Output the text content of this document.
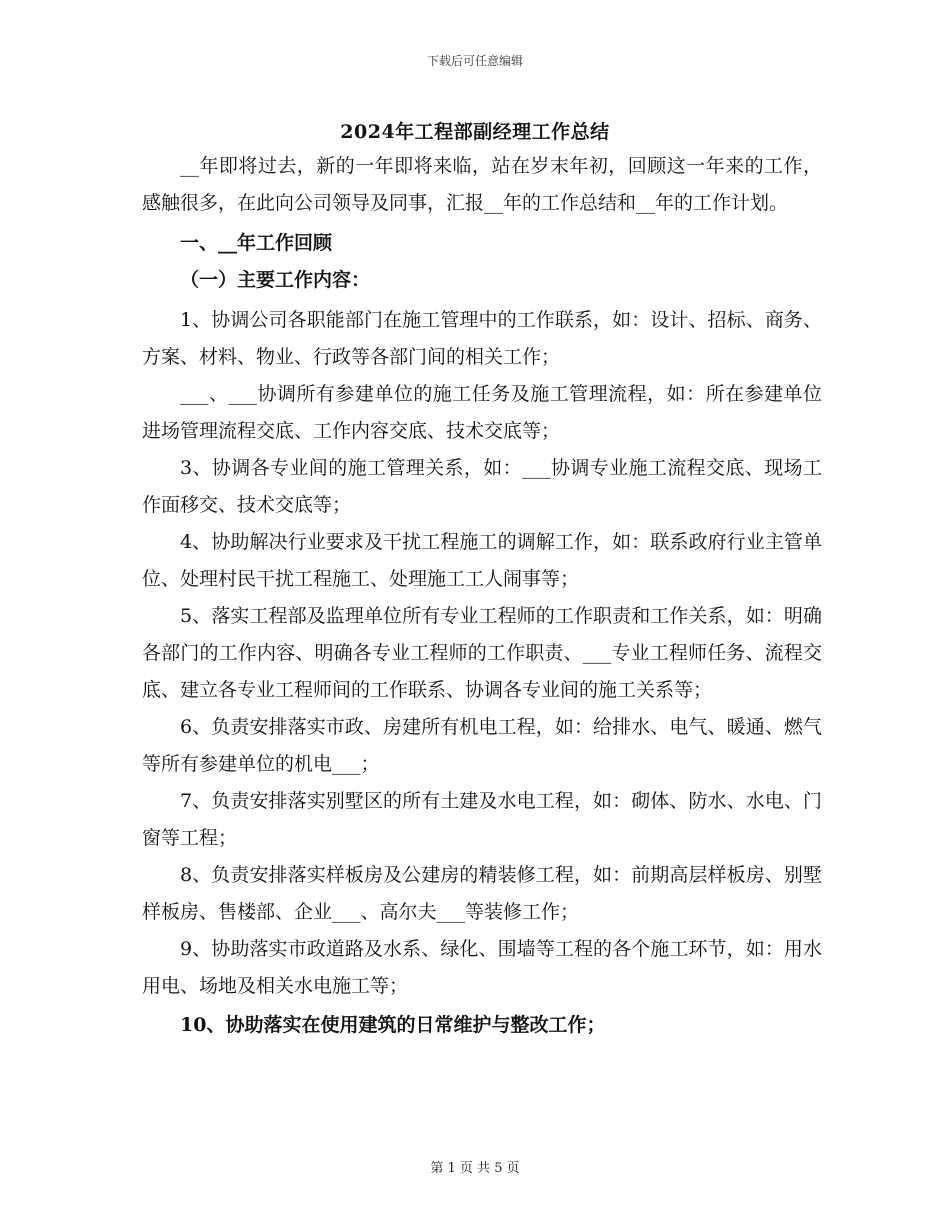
下载后可任意编辑
2024年工程部副经理工作总结

__年即将过去，新的一年即将来临，站在岁末年初，回顾这一年来的工作，感触很多，在此向公司领导及同事，汇报__年的工作总结和__年的工作计划。

一、__年工作回顾

（一）主要工作内容：

1、协调公司各职能部门在施工管理中的工作联系，如：设计、招标、商务、方案、材料、物业、行政等各部门间的相关工作；

___、___协调所有参建单位的施工任务及施工管理流程，如：所在参建单位进场管理流程交底、工作内容交底、技术交底等；

3、协调各专业间的施工管理关系，如：___协调专业施工流程交底、现场工作面移交、技术交底等；

4、协助解决行业要求及干扰工程施工的调解工作，如：联系政府行业主管单位、处理村民干扰工程施工、处理施工工人闹事等；

5、落实工程部及监理单位所有专业工程师的工作职责和工作关系，如：明确各部门的工作内容、明确各专业工程师的工作职责、___专业工程师任务、流程交底、建立各专业工程师间的工作联系、协调各专业间的施工关系等；

6、负责安排落实市政、房建所有机电工程，如：给排水、电气、暖通、燃气等所有参建单位的机电___；

7、负责安排落实别墅区的所有土建及水电工程，如：砌体、防水、水电、门窗等工程；

8、负责安排落实样板房及公建房的精装修工程，如：前期高层样板房、别墅样板房、售楼部、企业___、高尔夫___等装修工作；

9、协助落实市政道路及水系、绿化、围墙等工程的各个施工环节，如：用水用电、场地及相关水电施工等；

10、协助落实在使用建筑的日常维护与整改工作；

第 1 页 共 5 页
